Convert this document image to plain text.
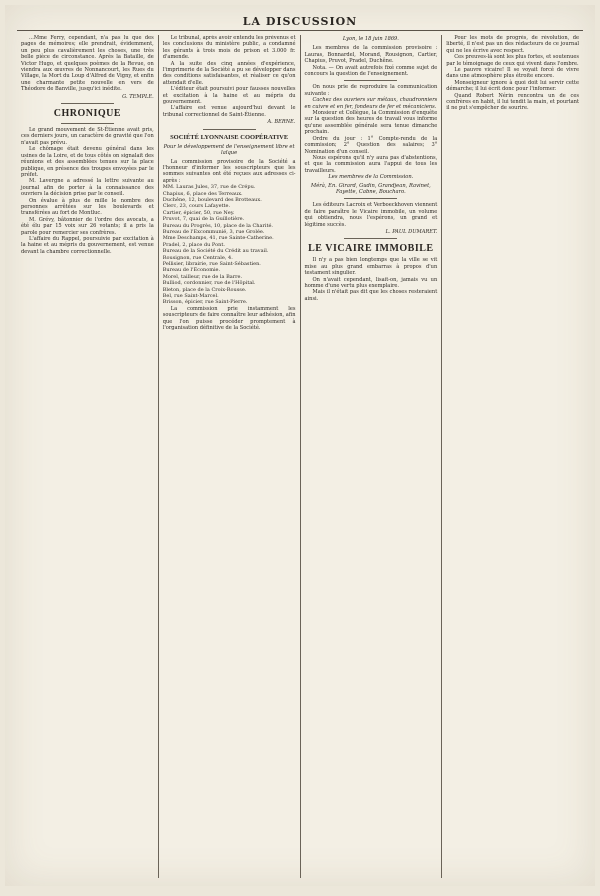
LA DISCUSSION

...Mme Ferry, cependant, n'a pas lu que des pages de mémoires; elle prendrait, évidemment, un peu plus cavalièrement les choses, une très belle pièce de circonstance. Après la Bataille, de Victor Hugo, et quelques poèmes de la Revue, on viendra aux œuvres de Nonnancourt, les Rues du Village, la Mort du Loup d'Alfred de Vigny, et enfin une charmante petite nouvelle en vers de Théodore de Banville, jusqu'ici inédite.

G. TEMPLE.
CHRONIQUE

Le grand mouvement de St-Étienne avait pris, ces derniers jours, un caractère de gravité que l'on n'avait pas prévu.

Le chômage était devenu général dans les usines de la Loire, et de tous côtés on signalait des réunions et des assemblées tenues sur la place publique, en présence des troupes envoyées par le préfet.

M. Lavergne a adressé la lettre suivante au journal afin de porter à la connaissance des ouvriers la décision prise par le conseil.

On évalue à plus de mille le nombre des personnes arrêtées sur les boulevards et transférées au fort de Montluc.

M. Grévy, bâtonnier de l'ordre des avocats, a été élu par 15 voix sur 26 votants; il a pris la parole pour remercier ses confrères.

L'affaire du Rappel, poursuivie par excitation à la haine et au mépris du gouvernement, est venue devant la chambre correctionnelle.

Le tribunal, après avoir entendu les prévenus et les conclusions du ministère public, a condamné les gérants à trois mois de prison et 3.000 fr. d'amende.

A la suite des cinq années d'expérience, l'imprimerie de la Société a pu se développer dans des conditions satisfaisantes, et réaliser ce qu'on attendait d'elle.

L'éditeur était poursuivi pour fausses nouvelles et excitation à la haine et au mépris du gouvernement.

L'affaire est venue aujourd'hui devant le tribunal correctionnel de Saint-Étienne.

A. BERNE.
SOCIÉTÉ LYONNAISE COOPÉRATIVE
Pour le développement de l'enseignement libre et laïque

La commission provisoire de la Société a l'honneur d'informer les souscripteurs que les sommes suivantes ont été reçues aux adresses ci-après :

MM. Lauras Jules, 37, rue de Crépu.
Chapius, 6, place des Terreaux.
Duchêne, 12, boulevard des Brotteaux.
Clerc, 23, cours Lafayette.
Cartier, épicier, 50, rue Ney.
Pruvot, 7, quai de la Guillotière.
Bureau du Progrès, 10, place de la Charité.
Bureau de l'Excommunié, 3, rue Grolée.
Mme Deschamps, 41, rue Sainte-Catherine.
Pradel, 2, place du Pont.
Bureau de la Société du Crédit au travail.
Rousignon, rue Centrale, 4.
Pellisier, librairie, rue Saint-Sébastien.
Bureau de l'Économie.
Morel, tailleur, rue de la Barre.
Bulliod, cordonnier, rue de l'Hôpital.
Bleton, place de la Croix-Rousse.
Bel, rue Saint-Marcel.
Brisson, épicier, rue Saint-Pierre.

La commission prie instamment les souscripteurs de faire connaître leur adhésion, afin que l'on puisse procéder promptement à l'organisation définitive de la Société.

Lyon, le 18 juin 1869.

Les membres de la commission provisoire : Lauras, Bonnardel, Morand, Rousignon, Cartier, Chapius, Pruvot, Pradel, Duchêne.

Nota. — On avait autrefois fixé comme sujet de concours la question de l'enseignement.

On nous prie de reproduire la communication suivante :

Cachez des ouvriers sur métaux, chaudronniers en cuivre et en fer, fondeurs de fer et mécaniciens.

Monsieur et Collègue, la Commission d'enquête sur la question des heures de travail vous informe qu'une assemblée générale sera tenue dimanche prochain.

Ordre du jour : 1° Compte-rendu de la commission; 2° Question des salaires; 3° Nomination d'un conseil.

Nous espérons qu'il n'y aura pas d'abstentions, et que la commission aura l'appui de tous les travailleurs.

Les membres de la Commission.
Mérà, En. Girard, Gudin, Grandjean, Ravinet, Fayette, Cabne, Boucharo.

Les éditeurs Lacroix et Verboeckhoven viennent de faire paraître le Vicaire immobile, un volume qui obtiendra, nous l'espérons, un grand et légitime succès.

L. PAUL DUMARET.
LE VICAIRE IMMOBILE

Il n'y a pas bien longtemps que la ville se vit mise au plus grand embarras à propos d'un testament singulier.

On n'avait cependant, lisait-on, jamais vu un homme d'une vertu plus exemplaire.

Mais il n'était pas dit que les choses resteraient ainsi.

Pour les mots de progrès, de révolution, de liberté, il n'est pas un des rédacteurs de ce journal qui ne les écrive avec respect.

Ces preuves-là sont les plus fortes, et soutenues par le témoignage de ceux qui vivent dans l'ombre.

Le pauvre vicaire! Il se voyait forcé de vivre dans une atmosphère plus étroite encore.

Monseigneur ignore à quoi doit lui servir cette démarche; il lui écrit donc pour l'informer.

Quand Robert Nérin rencontra un de ces confrères en habit, il lui tendit la main, et pourtant il ne put s'empêcher de sourire.
